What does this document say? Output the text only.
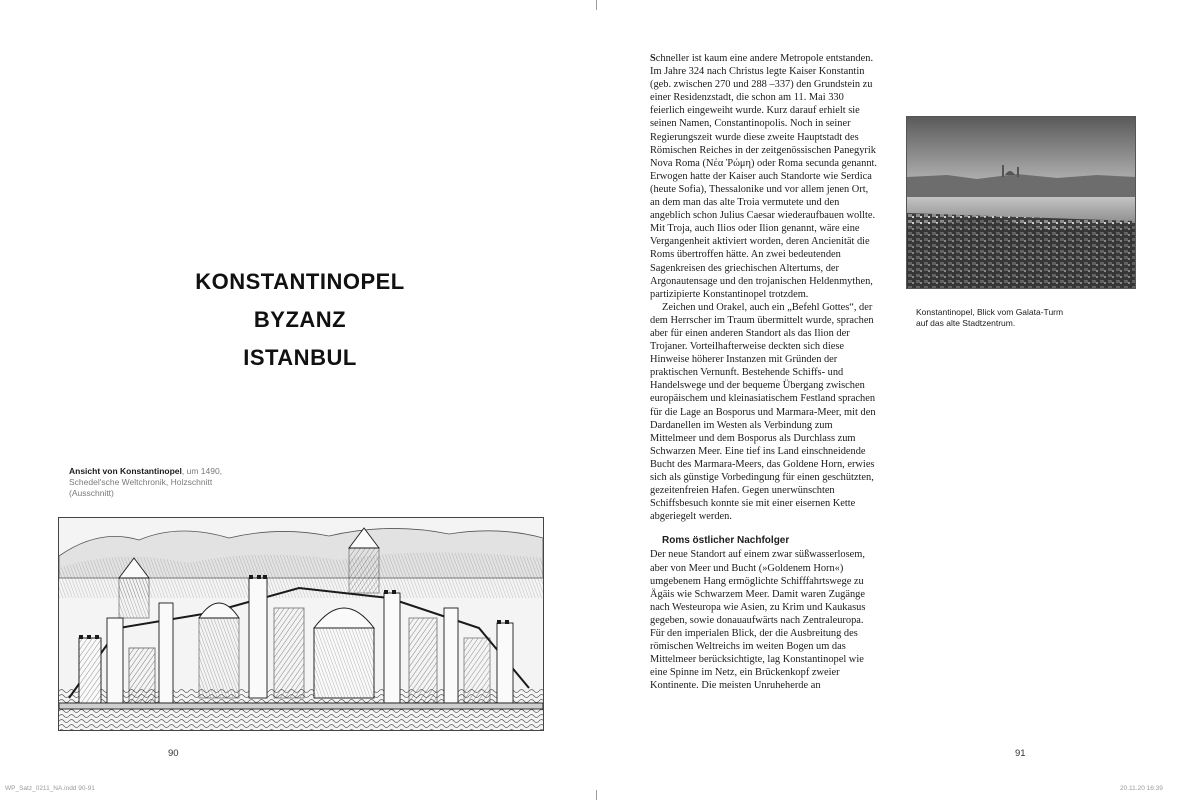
KONSTANTINOPEL
BYZANZ
ISTANBUL
Ansicht von Konstantinopel, um 1490,
Schedel'sche Weltchronik, Holzschnitt
(Ausschnitt)
90
WP_Satz_0211_NA.indd 90-91

Schneller ist kaum eine andere Metropole entstanden. Im Jahre 324 nach Christus legte Kaiser Konstantin (geb. zwischen 270 und 288 –337) den Grundstein zu einer Residenzstadt, die schon am 11. Mai 330 feierlich eingeweiht wurde. Kurz darauf erhielt sie seinen Namen, Constantinopolis. Noch in seiner Regierungszeit wurde diese zweite Hauptstadt des Römischen Reiches in der zeitgenössischen Panegyrik Nova Roma (Νέα Ῥώμη) oder Roma secunda genannt. Erwogen hatte der Kaiser auch Standorte wie Serdica (heute Sofia), Thessalonike und vor allem jenen Ort, an dem man das alte Troia vermutete und den angeblich schon Julius Caesar wiederaufbauen wollte. Mit Troja, auch Ilios oder Ilion genannt, wäre eine Vergangenheit aktiviert worden, deren Ancienität die Roms übertroffen hätte. An zwei bedeutenden Sagenkreisen des griechischen Altertums, der Argonautensage und den trojanischen Heldenmythen, partizipierte Konstantinopel trotzdem.

Zeichen und Orakel, auch ein „Befehl Gottes“, der dem Herrscher im Traum übermittelt wurde, sprachen aber für einen anderen Standort als das Ilion der Trojaner. Vorteilhafterweise deckten sich diese Hinweise höherer Instanzen mit Gründen der praktischen Vernunft. Bestehende Schiffs- und Handelswege und der bequeme Übergang zwischen europäischem und kleinasiatischem Festland sprachen für die Lage an Bosporus und Marmara-Meer, mit den Dardanellen im Westen als Verbindung zum Mittelmeer und dem Bosporus als Durchlass zum Schwarzen Meer. Eine tief ins Land einschneidende Bucht des Marmara-Meers, das Goldene Horn, erwies sich als günstige Vorbedingung für einen geschützten, gezeitenfreien Hafen. Gegen unerwünschten Schiffsbesuch konnte sie mit einer eisernen Kette abgeriegelt werden.

Roms östlicher Nachfolger

Der neue Standort auf einem zwar süßwasserlosem, aber von Meer und Bucht (»Goldenem Horn«) umgebenem Hang ermöglichte Schifffahrtswege zu Ägäis wie Schwarzem Meer. Damit waren Zugänge nach Westeuropa wie Asien, zu Krim und Kaukasus gegeben, sowie donauaufwärts nach Zentraleuropa. Für den imperialen Blick, der die Ausbreitung des römischen Weltreichs im weiten Bogen um das Mittelmeer berücksichtigte, lag Konstantinopel wie eine Spinne im Netz, ein Brückenkopf zweier Kontinente. Die meisten Unruheherde an

Konstantinopel, Blick vom Galata-Turm
auf das alte Stadtzentrum.
91
20.11.20 16:39
